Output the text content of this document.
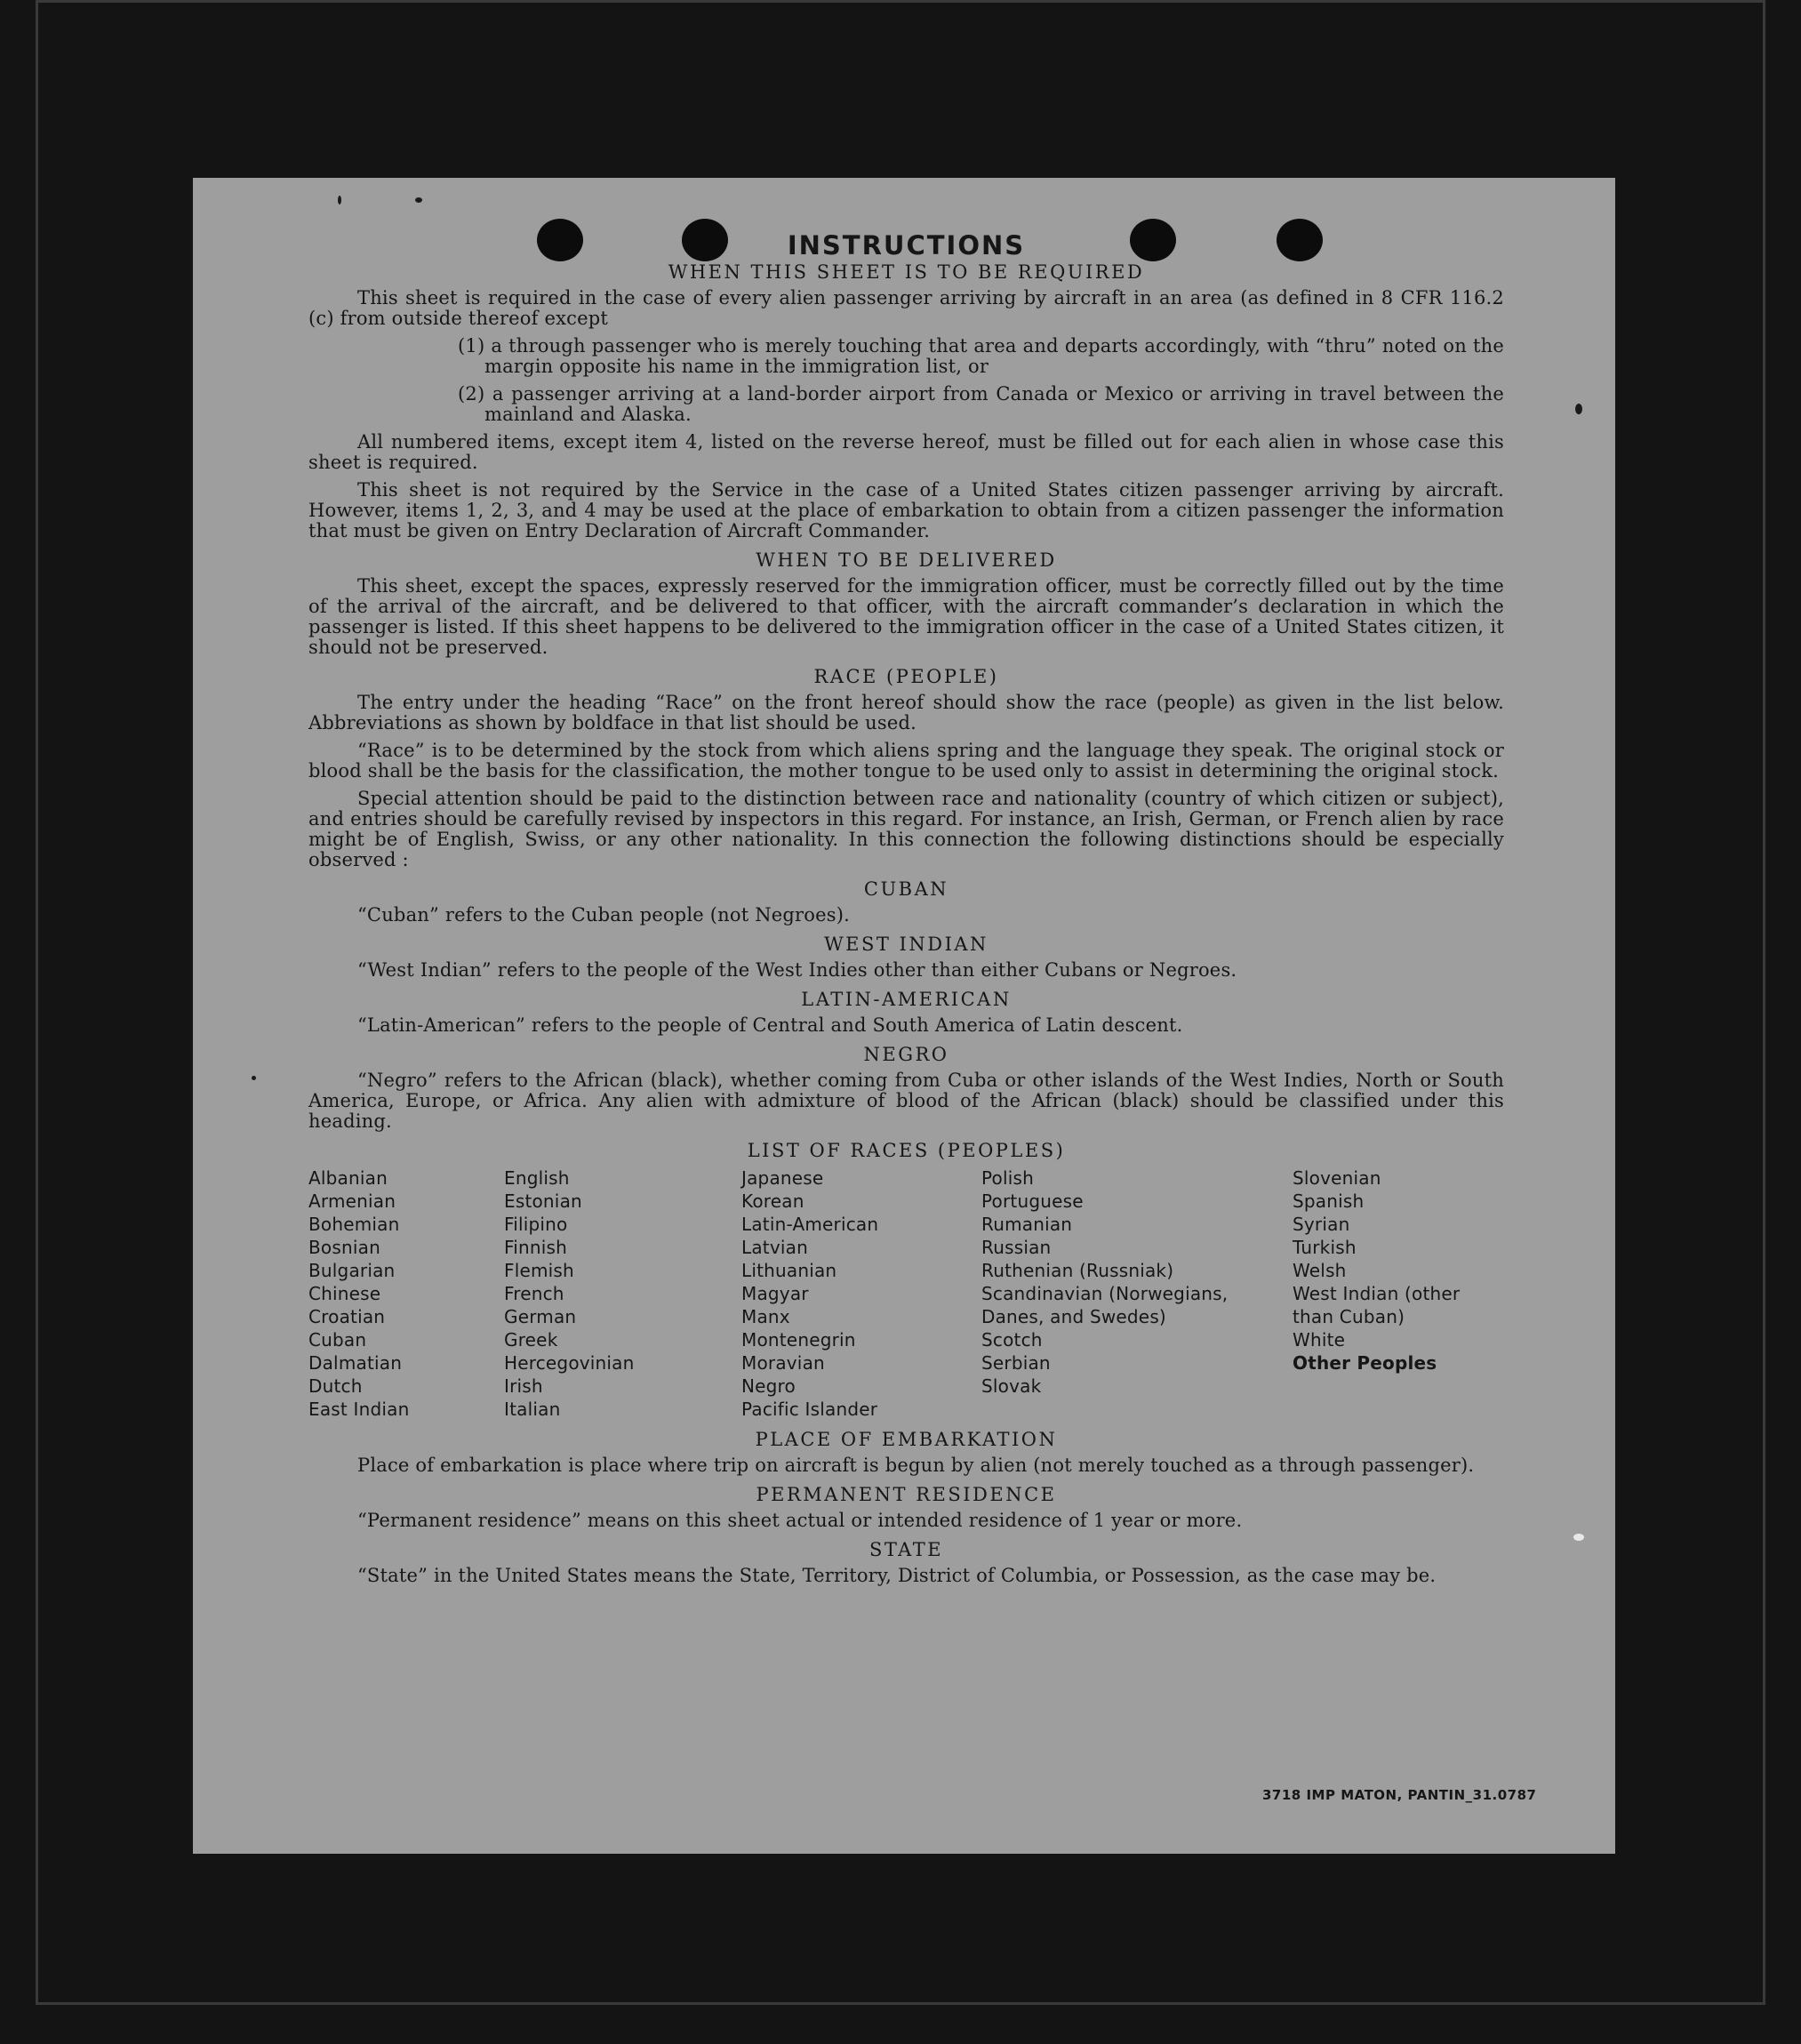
INSTRUCTIONS
WHEN THIS SHEET IS TO BE REQUIRED

This sheet is required in the case of every alien passenger arriving by aircraft in an area (as defined in 8 CFR 116.2 (c) from outside thereof except

(1) a through passenger who is merely touching that area and departs accordingly, with “thru” noted on the margin opposite his name in the immigration list, or

(2) a passenger arriving at a land-border airport from Canada or Mexico or arriving in travel between the mainland and Alaska.

All numbered items, except item 4, listed on the reverse hereof, must be filled out for each alien in whose case this sheet is required.

This sheet is not required by the Service in the case of a United States citizen passenger arriving by aircraft. However, items 1, 2, 3, and 4 may be used at the place of embarkation to obtain from a citizen passenger the information that must be given on Entry Declaration of Aircraft Commander.

WHEN TO BE DELIVERED

This sheet, except the spaces, expressly reserved for the immigration officer, must be correctly filled out by the time of the arrival of the aircraft, and be delivered to that officer, with the aircraft commander’s declaration in which the passenger is listed. If this sheet happens to be delivered to the immigration officer in the case of a United States citizen, it should not be preserved.

RACE (PEOPLE)

The entry under the heading “Race” on the front hereof should show the race (people) as given in the list below. Abbreviations as shown by boldface in that list should be used.

“Race” is to be determined by the stock from which aliens spring and the language they speak. The original stock or blood shall be the basis for the classification, the mother tongue to be used only to assist in determining the original stock.

Special attention should be paid to the distinction between race and nationality (country of which citizen or subject), and entries should be carefully revised by inspectors in this regard. For instance, an Irish, German, or French alien by race might be of English, Swiss, or any other nationality. In this connection the following distinctions should be especially observed :

CUBAN

“Cuban” refers to the Cuban people (not Negroes).

WEST INDIAN

“West Indian” refers to the people of the West Indies other than either Cubans or Negroes.

LATIN-AMERICAN

“Latin-American” refers to the people of Central and South America of Latin descent.

NEGRO

“Negro” refers to the African (black), whether coming from Cuba or other islands of the West Indies, North or South America, Europe, or Africa. Any alien with admixture of blood of the African (black) should be classified under this heading.

LIST OF RACES (PEOPLES)
Albanian
Armenian
Bohemian
Bosnian
Bulgarian
Chinese
Croatian
Cuban
Dalmatian
Dutch
East Indian
English
Estonian
Filipino
Finnish
Flemish
French
German
Greek
Hercegovinian
Irish
Italian
Japanese
Korean
Latin-American
Latvian
Lithuanian
Magyar
Manx
Montenegrin
Moravian
Negro
Pacific Islander
Polish
Portuguese
Rumanian
Russian
Ruthenian (Russniak)
Scandinavian (Norwegians, Danes, and Swedes)
Scotch
Serbian
Slovak
Slovenian
Spanish
Syrian
Turkish
Welsh
West Indian (other than Cuban)
White
Other Peoples
PLACE OF EMBARKATION

Place of embarkation is place where trip on aircraft is begun by alien (not merely touched as a through passenger).

PERMANENT RESIDENCE

“Permanent residence” means on this sheet actual or intended residence of 1 year or more.

STATE

“State” in the United States means the State, Territory, District of Columbia, or Possession, as the case may be.

3718 IMP MATON, PANTIN_31.0787
